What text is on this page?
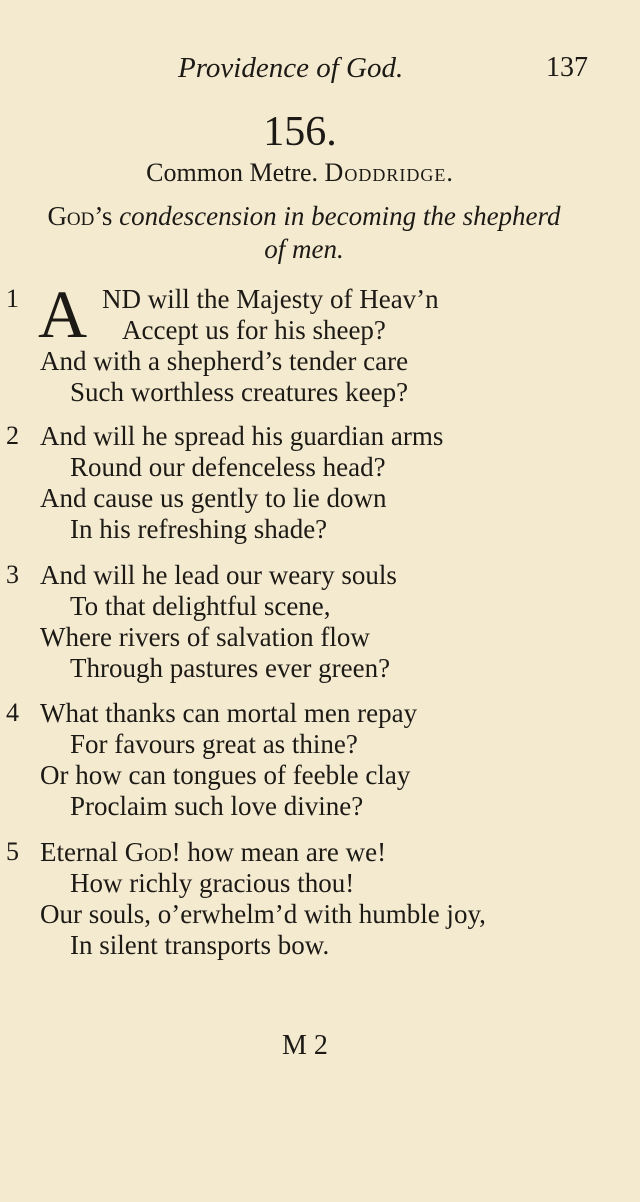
Providence of God.	137
156.
Common Metre. Doddridge.
God’s condescension in becoming the shepherd
of men.
1 A ND will the Majesty of Heav’n
Accept us for his sheep?
And with a shepherd’s tender care
Such worthless creatures keep?
2 And will he spread his guardian arms
Round our defenceless head?
And cause us gently to lie down
In his refreshing shade?
3 And will he lead our weary souls
To that delightful scene,
Where rivers of salvation flow
Through pastures ever green?
4 What thanks can mortal men repay
For favours great as thine?
Or how can tongues of feeble clay
Proclaim such love divine?
5 Eternal God! how mean are we!
How richly gracious thou!
Our souls, o’erwhelm’d with humble joy,
In silent transports bow.
M 2
